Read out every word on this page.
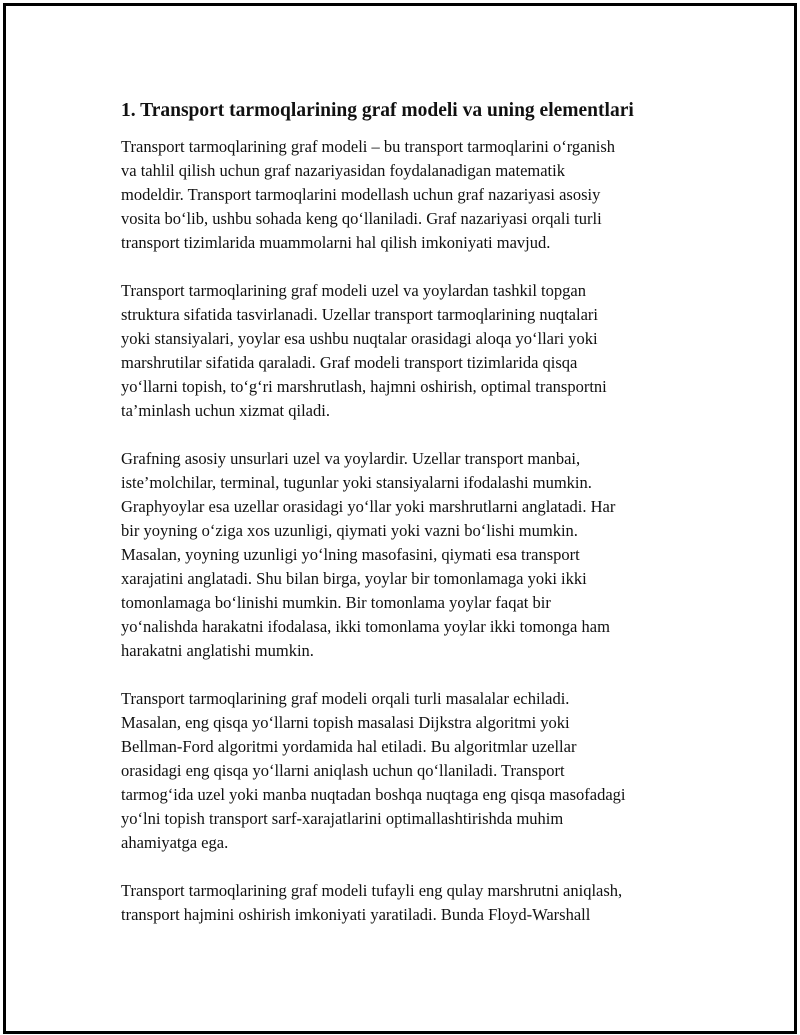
1. Transport tarmoqlarining graf modeli va uning elementlari
Transport tarmoqlarining graf modeli – bu transport tarmoqlarini o‘rganish
va tahlil qilish uchun graf nazariyasidan foydalanadigan matematik
modeldir. Transport tarmoqlarini modellash uchun graf nazariyasi asosiy
vosita bo‘lib, ushbu sohada keng qo‘llaniladi. Graf nazariyasi orqali turli
transport tizimlarida muammolarni hal qilish imkoniyati mavjud.
Transport tarmoqlarining graf modeli uzel va yoylardan tashkil topgan
struktura sifatida tasvirlanadi. Uzellar transport tarmoqlarining nuqtalari
yoki stansiyalari, yoylar esa ushbu nuqtalar orasidagi aloqa yo‘llari yoki
marshrutilar sifatida qaraladi. Graf modeli transport tizimlarida qisqa
yo‘llarni topish, to‘g‘ri marshrutlash, hajmni oshirish, optimal transportni
ta’minlash uchun xizmat qiladi.
Grafning asosiy unsurlari uzel va yoylardir. Uzellar transport manbai,
iste’molchilar, terminal, tugunlar yoki stansiyalarni ifodalashi mumkin.
Graphyoylar esa uzellar orasidagi yo‘llar yoki marshrutlarni anglatadi. Har
bir yoyning o‘ziga xos uzunligi, qiymati yoki vazni bo‘lishi mumkin.
Masalan, yoyning uzunligi yo‘lning masofasini, qiymati esa transport
xarajatini anglatadi. Shu bilan birga, yoylar bir tomonlamaga yoki ikki
tomonlamaga bo‘linishi mumkin. Bir tomonlama yoylar faqat bir
yo‘nalishda harakatni ifodalasa, ikki tomonlama yoylar ikki tomonga ham
harakatni anglatishi mumkin.
Transport tarmoqlarining graf modeli orqali turli masalalar echiladi.
Masalan, eng qisqa yo‘llarni topish masalasi Dijkstra algoritmi yoki
Bellman-Ford algoritmi yordamida hal etiladi. Bu algoritmlar uzellar
orasidagi eng qisqa yo‘llarni aniqlash uchun qo‘llaniladi. Transport
tarmog‘ida uzel yoki manba nuqtadan boshqa nuqtaga eng qisqa masofadagi
yo‘lni topish transport sarf-xarajatlarini optimallashtirishda muhim
ahamiyatga ega.
Transport tarmoqlarining graf modeli tufayli eng qulay marshrutni aniqlash,
transport hajmini oshirish imkoniyati yaratiladi. Bunda Floyd-Warshall
